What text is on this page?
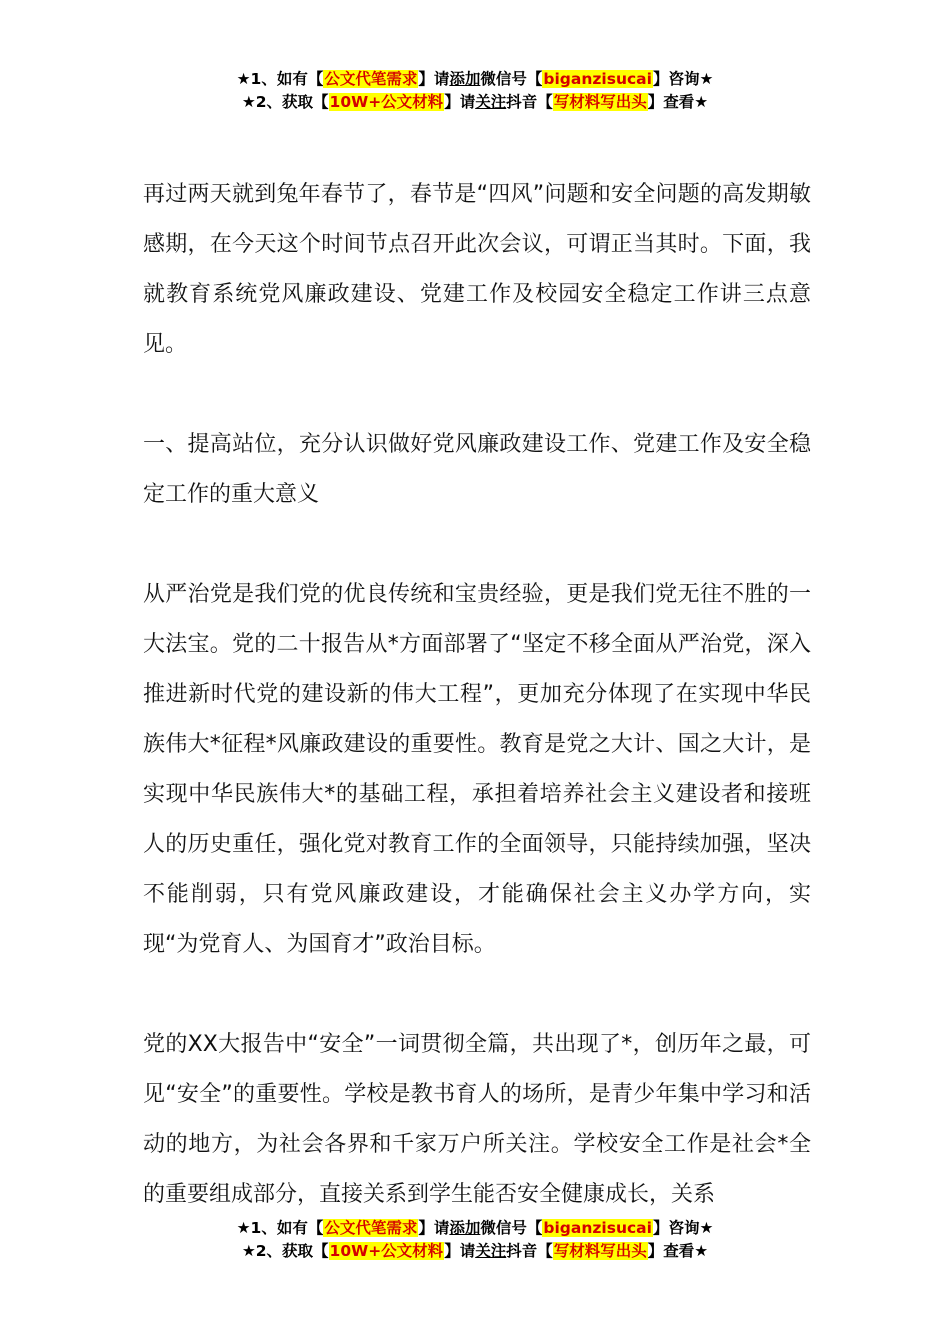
★1、如有【公文代笔需求】请添加微信号【biganzisucai】咨询★
★2、获取【10W+公文材料】请关注抖音【写材料写出头】查看★

再过两天就到兔年春节了，春节是“四风”问题和安全问题的高发期敏感期，在今天这个时间节点召开此次会议，可谓正当其时。下面，我就教育系统党风廉政建设、党建工作及校园安全稳定工作讲三点意见。

一、提高站位，充分认识做好党风廉政建设工作、党建工作及安全稳定工作的重大意义

从严治党是我们党的优良传统和宝贵经验，更是我们党无往不胜的一大法宝。党的二十报告从*方面部署了“坚定不移全面从严治党，深入推进新时代党的建设新的伟大工程”，更加充分体现了在实现中华民族伟大*征程*风廉政建设的重要性。教育是党之大计、国之大计，是实现中华民族伟大*的基础工程，承担着培养社会主义建设者和接班人的历史重任，强化党对教育工作的全面领导，只能持续加强，坚决不能削弱，只有党风廉政建设，才能确保社会主义办学方向，实现“为党育人、为国育才”政治目标。

党的XX大报告中“安全”一词贯彻全篇，共出现了*，创历年之最，可见“安全”的重要性。学校是教书育人的场所，是青少年集中学习和活动的地方，为社会各界和千家万户所关注。学校安全工作是社会*全的重要组成部分，直接关系到学生能否安全健康成长，关系

★1、如有【公文代笔需求】请添加微信号【biganzisucai】咨询★
★2、获取【10W+公文材料】请关注抖音【写材料写出头】查看★
